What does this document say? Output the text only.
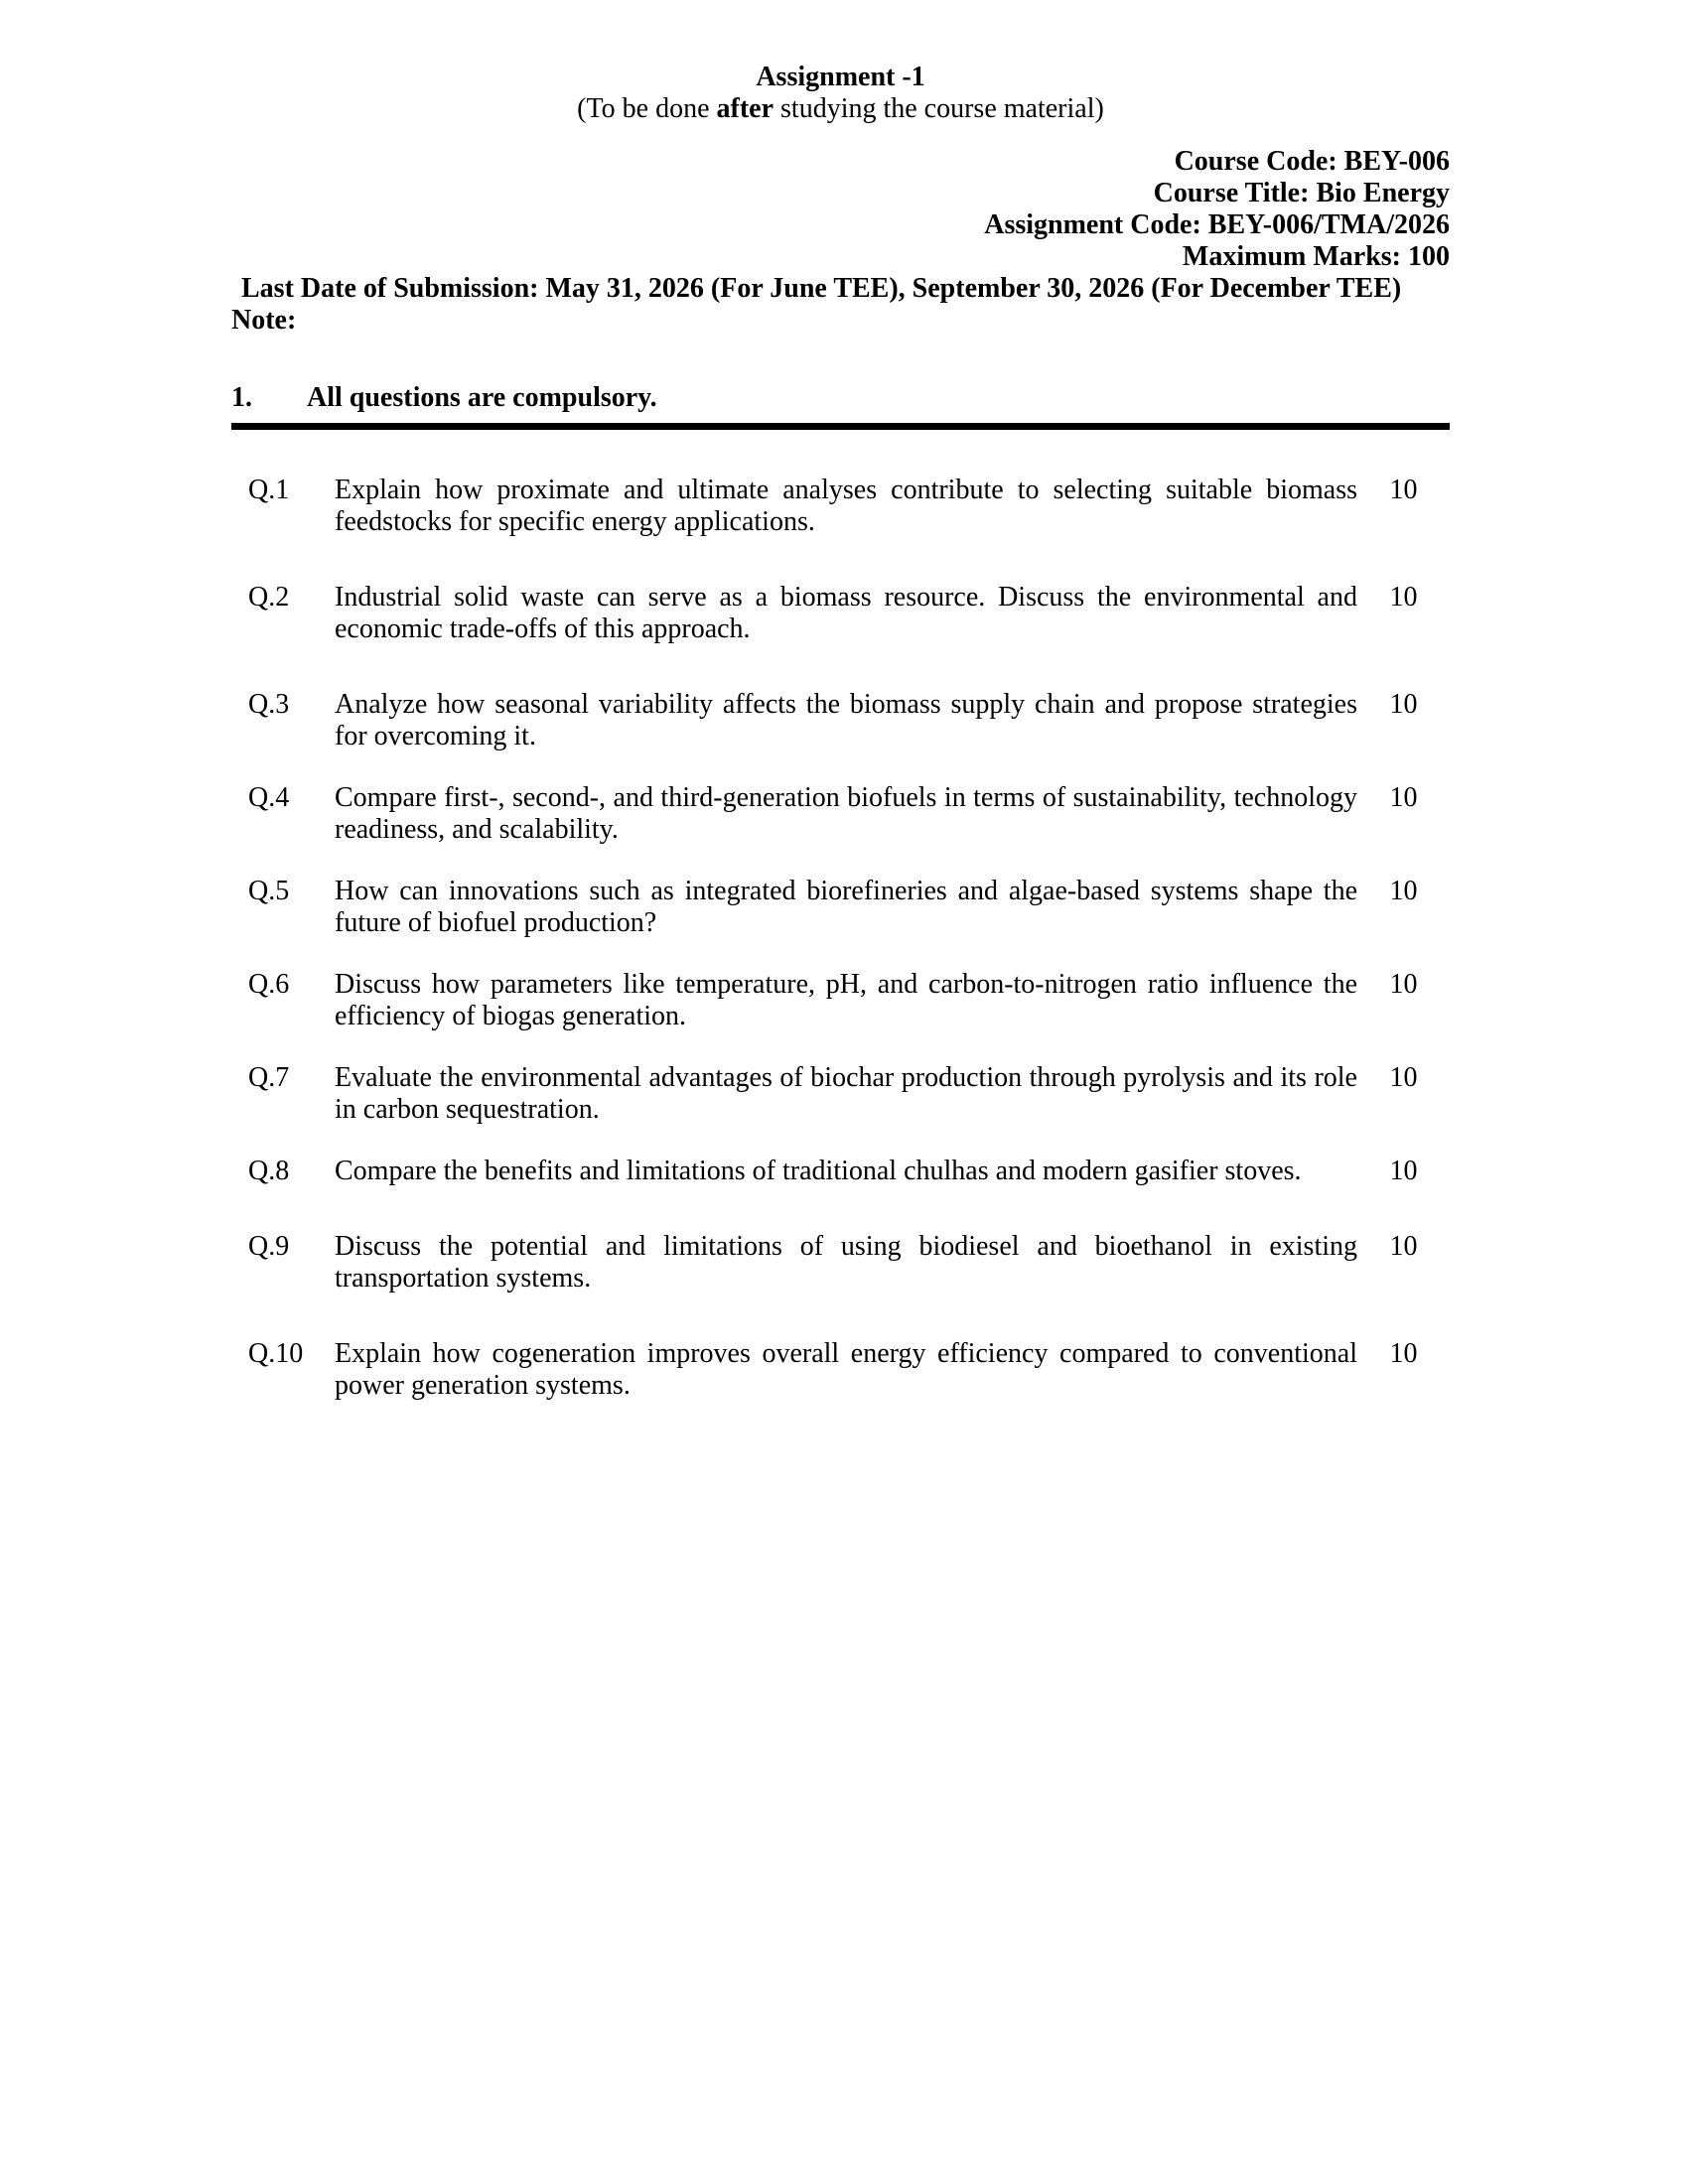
Assignment -1
(To be done after studying the course material)
Course Code: BEY-006
Course Title: Bio Energy
Assignment Code: BEY-006/TMA/2026
Maximum Marks: 100
Last Date of Submission: May 31, 2026 (For June TEE), September 30, 2026 (For December TEE)
Note:
1.	All questions are compulsory.
Q.1	Explain how proximate and ultimate analyses contribute to selecting suitable biomass feedstocks for specific energy applications.
10
Q.2	Industrial solid waste can serve as a biomass resource. Discuss the environmental and economic trade-offs of this approach.
10
Q.3	Analyze how seasonal variability affects the biomass supply chain and propose strategies for overcoming it.
10
Q.4	Compare first-, second-, and third-generation biofuels in terms of sustainability, technology readiness, and scalability.
10
Q.5	How can innovations such as integrated biorefineries and algae-based systems shape the future of biofuel production?
10
Q.6	Discuss how parameters like temperature, pH, and carbon-to-nitrogen ratio influence the efficiency of biogas generation.
10
Q.7	Evaluate the environmental advantages of biochar production through pyrolysis and its role in carbon sequestration.
10
Q.8	Compare the benefits and limitations of traditional chulhas and modern gasifier stoves.	10
Q.9	Discuss the potential and limitations of using biodiesel and bioethanol in existing transportation systems.
10
Q.10	Explain how cogeneration improves overall energy efficiency compared to conventional power generation systems.
10
